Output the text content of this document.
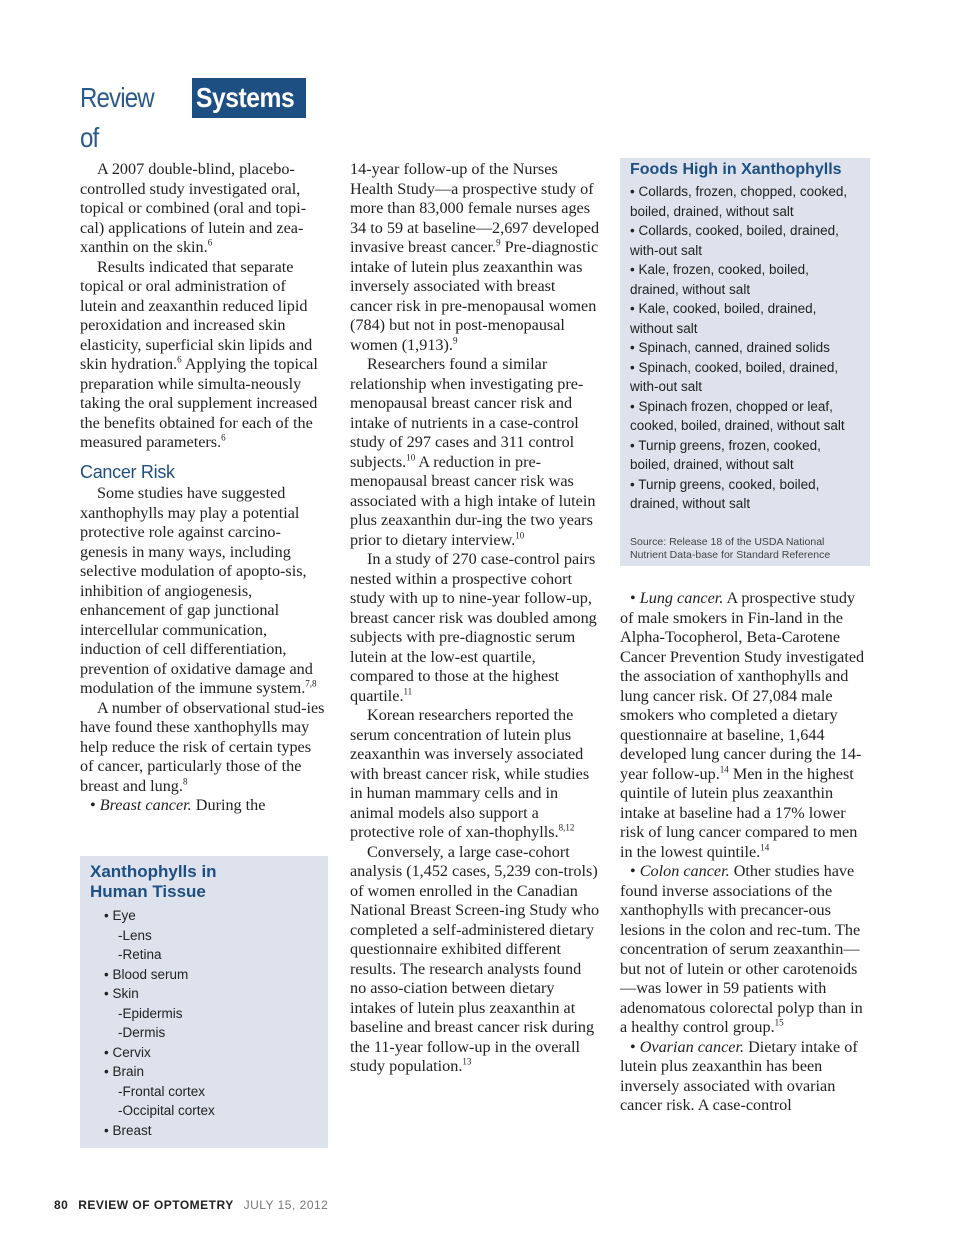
Review of
Systems

A 2007 double-blind, placebo-controlled study investigated oral, topical or combined (oral and topi-cal) applications of lutein and zea-xanthin on the skin.$^6$

Results indicated that separate topical or oral administration of lutein and zeaxanthin reduced lipid peroxidation and increased skin elasticity, superficial skin lipids and skin hydration.$^6$ Applying the topical preparation while simulta-neously taking the oral supplement increased the benefits obtained for each of the measured parameters.$^6$

Cancer Risk

Some studies have suggested xanthophylls may play a potential protective role against carcino-genesis in many ways, including selective modulation of apopto-sis, inhibition of angiogenesis, enhancement of gap junctional intercellular communication, induction of cell differentiation, prevention of oxidative damage and modulation of the immune system.$^{7,8}$

A number of observational stud-ies have found these xanthophylls may help reduce the risk of certain types of cancer, particularly those of the breast and lung.$^8$

• Breast cancer. During the

Xanthophylls in Human Tissue
• Eye
-Lens
-Retina
• Blood serum
• Skin
-Epidermis
-Dermis
• Cervix
• Brain
-Frontal cortex
-Occipital cortex
• Breast

14-year follow-up of the Nurses Health Study—a prospective study of more than 83,000 female nurses ages 34 to 59 at baseline—2,697 developed invasive breast cancer.$^9$ Pre-diagnostic intake of lutein plus zeaxanthin was inversely associated with breast cancer risk in pre-menopausal women (784) but not in post-menopausal women (1,913).$^9$

Researchers found a similar relationship when investigating pre-menopausal breast cancer risk and intake of nutrients in a case-control study of 297 cases and 311 control subjects.$^{10}$ A reduction in pre-menopausal breast cancer risk was associated with a high intake of lutein plus zeaxanthin dur-ing the two years prior to dietary interview.$^{10}$

In a study of 270 case-control pairs nested within a prospective cohort study with up to nine-year follow-up, breast cancer risk was doubled among subjects with pre-diagnostic serum lutein at the low-est quartile, compared to those at the highest quartile.$^{11}$

Korean researchers reported the serum concentration of lutein plus zeaxanthin was inversely associated with breast cancer risk, while studies in human mammary cells and in animal models also support a protective role of xan-thophylls.$^{8,12}$

Conversely, a large case-cohort analysis (1,452 cases, 5,239 con-trols) of women enrolled in the Canadian National Breast Screen-ing Study who completed a self-administered dietary questionnaire exhibited different results. The research analysts found no asso-ciation between dietary intakes of lutein plus zeaxanthin at baseline and breast cancer risk during the 11-year follow-up in the overall study population.$^{13}$

Foods High in Xanthophylls
• Collards, frozen, chopped, cooked, boiled, drained, without salt
• Collards, cooked, boiled, drained, with-out salt
• Kale, frozen, cooked, boiled, drained, without salt
• Kale, cooked, boiled, drained, without salt
• Spinach, canned, drained solids
• Spinach, cooked, boiled, drained, with-out salt
• Spinach frozen, chopped or leaf, cooked, boiled, drained, without salt
• Turnip greens, frozen, cooked, boiled, drained, without salt
• Turnip greens, cooked, boiled, drained, without salt
Source: Release 18 of the USDA National Nutrient Data-base for Standard Reference

• Lung cancer. A prospective study of male smokers in Fin-land in the Alpha-Tocopherol, Beta-Carotene Cancer Prevention Study investigated the association of xanthophylls and lung cancer risk. Of 27,084 male smokers who completed a dietary questionnaire at baseline, 1,644 developed lung cancer during the 14-year follow-up.$^{14}$ Men in the highest quintile of lutein plus zeaxanthin intake at baseline had a 17% lower risk of lung cancer compared to men in the lowest quintile.$^{14}$

• Colon cancer. Other studies have found inverse associations of the xanthophylls with precancer-ous lesions in the colon and rec-tum. The concentration of serum zeaxanthin—but not of lutein or other carotenoids—was lower in 59 patients with adenomatous colorectal polyp than in a healthy control group.$^{15}$

• Ovarian cancer. Dietary intake of lutein plus zeaxanthin has been inversely associated with ovarian cancer risk. A case-control

80 REVIEW OF OPTOMETRY JULY 15, 2012
